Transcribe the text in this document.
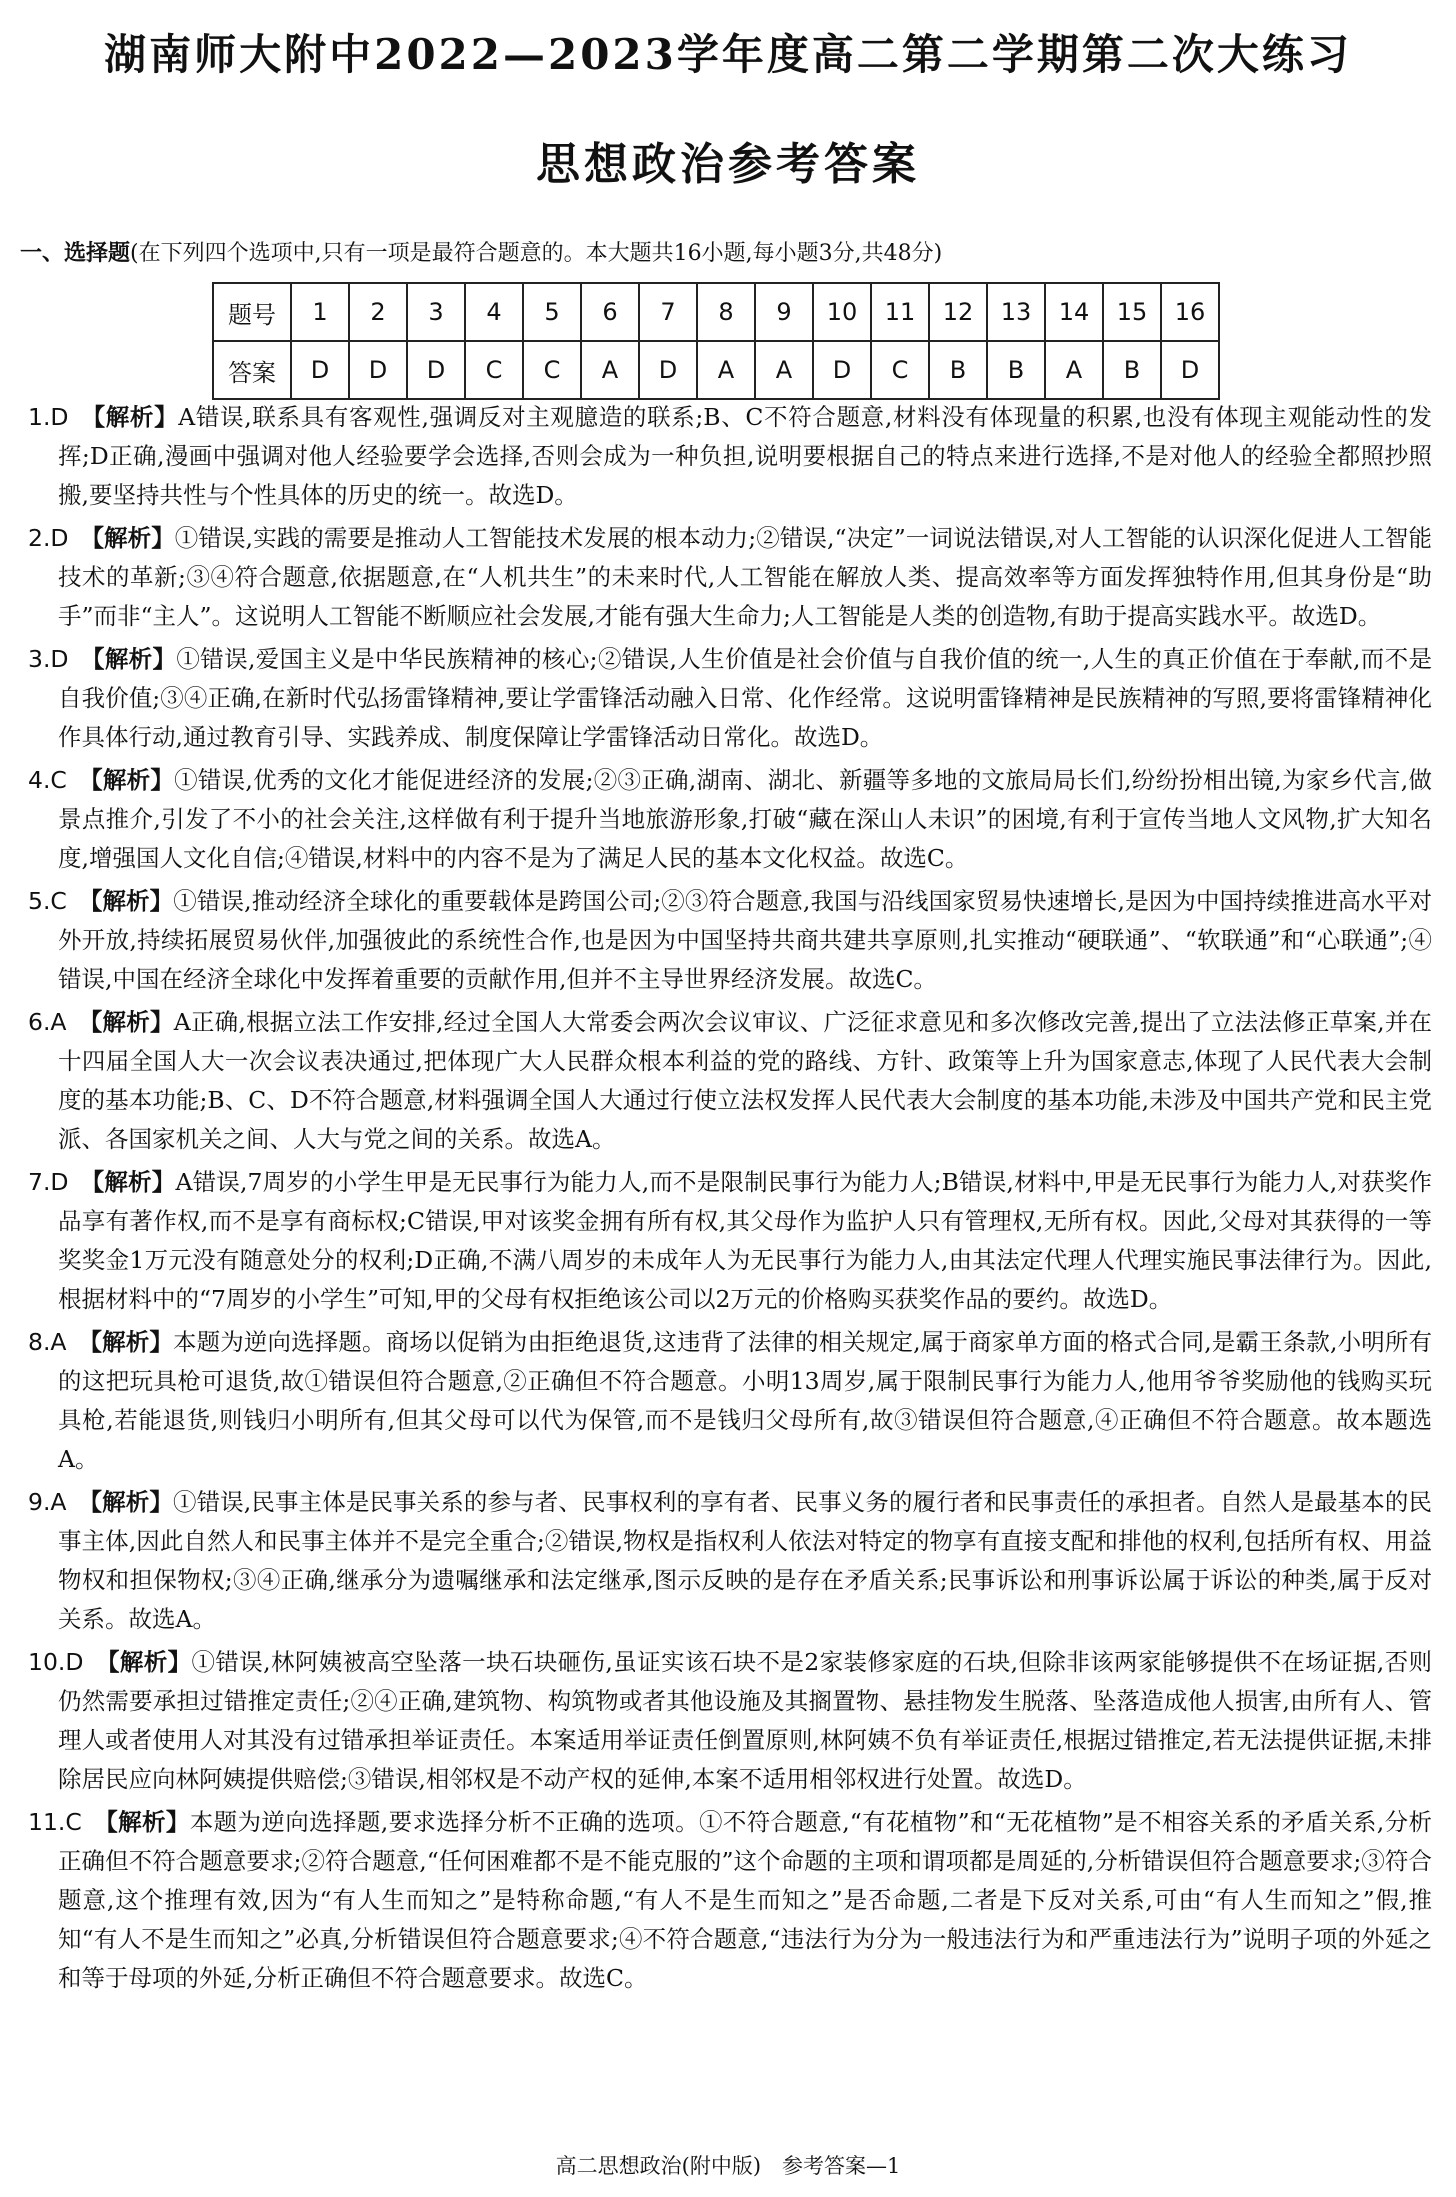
湖南师大附中2022—2023学年度高二第二学期第二次大练习
思想政治参考答案
一、选择题(在下列四个选项中,只有一项是最符合题意的。本大题共16小题,每小题3分,共48分)
题号	1	2	3	4	5	6	7	8	9	10	11	12	13	14	15	16
答案	D	D	D	C	C	A	D	A	A	D	C	B	B	A	B	D
1.D　 【解析】A错误,联系具有客观性,强调反对主观臆造的联系;B、C不符合题意,材料没有体现量的积累,也没有体现主观能动性的发挥;D正确,漫画中强调对他人经验要学会选择,否则会成为一种负担,说明要根据自己的特点来进行选择,不是对他人的经验全都照抄照搬,要坚持共性与个性具体的历史的统一。故选D。
2.D　 【解析】①错误,实践的需要是推动人工智能技术发展的根本动力;②错误,“决定”一词说法错误,对人工智能的认识深化促进人工智能技术的革新;③④符合题意,依据题意,在“人机共生”的未来时代,人工智能在解放人类、提高效率等方面发挥独特作用,但其身份是“助手”而非“主人”。这说明人工智能不断顺应社会发展,才能有强大生命力;人工智能是人类的创造物,有助于提高实践水平。故选D。
3.D　 【解析】①错误,爱国主义是中华民族精神的核心;②错误,人生价值是社会价值与自我价值的统一,人生的真正价值在于奉献,而不是自我价值;③④正确,在新时代弘扬雷锋精神,要让学雷锋活动融入日常、化作经常。这说明雷锋精神是民族精神的写照,要将雷锋精神化作具体行动,通过教育引导、实践养成、制度保障让学雷锋活动日常化。故选D。
4.C　 【解析】①错误,优秀的文化才能促进经济的发展;②③正确,湖南、湖北、新疆等多地的文旅局局长们,纷纷扮相出镜,为家乡代言,做景点推介,引发了不小的社会关注,这样做有利于提升当地旅游形象,打破“藏在深山人未识”的困境,有利于宣传当地人文风物,扩大知名度,增强国人文化自信;④错误,材料中的内容不是为了满足人民的基本文化权益。故选C。
5.C　 【解析】①错误,推动经济全球化的重要载体是跨国公司;②③符合题意,我国与沿线国家贸易快速增长,是因为中国持续推进高水平对外开放,持续拓展贸易伙伴,加强彼此的系统性合作,也是因为中国坚持共商共建共享原则,扎实推动“硬联通”、“软联通”和“心联通”;④错误,中国在经济全球化中发挥着重要的贡献作用,但并不主导世界经济发展。故选C。
6.A　 【解析】A正确,根据立法工作安排,经过全国人大常委会两次会议审议、广泛征求意见和多次修改完善,提出了立法法修正草案,并在十四届全国人大一次会议表决通过,把体现广大人民群众根本利益的党的路线、方针、政策等上升为国家意志,体现了人民代表大会制度的基本功能;B、C、D不符合题意,材料强调全国人大通过行使立法权发挥人民代表大会制度的基本功能,未涉及中国共产党和民主党派、各国家机关之间、人大与党之间的关系。故选A。
7.D　 【解析】A错误,7周岁的小学生甲是无民事行为能力人,而不是限制民事行为能力人;B错误,材料中,甲是无民事行为能力人,对获奖作品享有著作权,而不是享有商标权;C错误,甲对该奖金拥有所有权,其父母作为监护人只有管理权,无所有权。因此,父母对其获得的一等奖奖金1万元没有随意处分的权利;D正确,不满八周岁的未成年人为无民事行为能力人,由其法定代理人代理实施民事法律行为。因此,根据材料中的“7周岁的小学生”可知,甲的父母有权拒绝该公司以2万元的价格购买获奖作品的要约。故选D。
8.A　 【解析】本题为逆向选择题。商场以促销为由拒绝退货,这违背了法律的相关规定,属于商家单方面的格式合同,是霸王条款,小明所有的这把玩具枪可退货,故①错误但符合题意,②正确但不符合题意。小明13周岁,属于限制民事行为能力人,他用爷爷奖励他的钱购买玩具枪,若能退货,则钱归小明所有,但其父母可以代为保管,而不是钱归父母所有,故③错误但符合题意,④正确但不符合题意。故本题选A。
9.A　 【解析】①错误,民事主体是民事关系的参与者、民事权利的享有者、民事义务的履行者和民事责任的承担者。自然人是最基本的民事主体,因此自然人和民事主体并不是完全重合;②错误,物权是指权利人依法对特定的物享有直接支配和排他的权利,包括所有权、用益物权和担保物权;③④正确,继承分为遗嘱继承和法定继承,图示反映的是存在矛盾关系;民事诉讼和刑事诉讼属于诉讼的种类,属于反对关系。故选A。
10.D　 【解析】①错误,林阿姨被高空坠落一块石块砸伤,虽证实该石块不是2家装修家庭的石块,但除非该两家能够提供不在场证据,否则仍然需要承担过错推定责任;②④正确,建筑物、构筑物或者其他设施及其搁置物、悬挂物发生脱落、坠落造成他人损害,由所有人、管理人或者使用人对其没有过错承担举证责任。本案适用举证责任倒置原则,林阿姨不负有举证责任,根据过错推定,若无法提供证据,未排除居民应向林阿姨提供赔偿;③错误,相邻权是不动产权的延伸,本案不适用相邻权进行处置。故选D。
11.C　 【解析】本题为逆向选择题,要求选择分析不正确的选项。①不符合题意,“有花植物”和“无花植物”是不相容关系的矛盾关系,分析正确但不符合题意要求;②符合题意,“任何困难都不是不能克服的”这个命题的主项和谓项都是周延的,分析错误但符合题意要求;③符合题意,这个推理有效,因为“有人生而知之”是特称命题,“有人不是生而知之”是否命题,二者是下反对关系,可由“有人生而知之”假,推知“有人不是生而知之”必真,分析错误但符合题意要求;④不符合题意,“违法行为分为一般违法行为和严重违法行为”说明子项的外延之和等于母项的外延,分析正确但不符合题意要求。故选C。
高二思想政治(附中版)　参考答案—1
